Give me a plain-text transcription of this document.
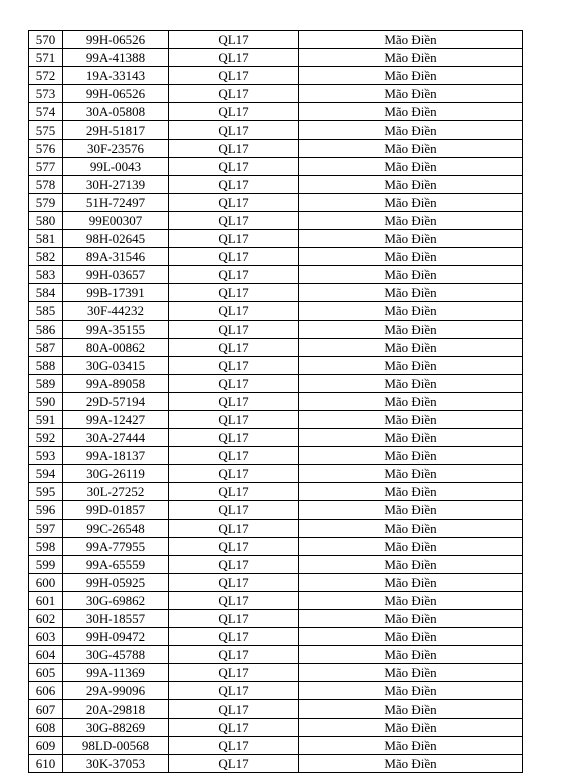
570	99H-06526	QL17	Mão Điền
571	99A-41388	QL17	Mão Điền
572	19A-33143	QL17	Mão Điền
573	99H-06526	QL17	Mão Điền
574	30A-05808	QL17	Mão Điền
575	29H-51817	QL17	Mão Điền
576	30F-23576	QL17	Mão Điền
577	99L-0043	QL17	Mão Điền
578	30H-27139	QL17	Mão Điền
579	51H-72497	QL17	Mão Điền
580	99E00307	QL17	Mão Điền
581	98H-02645	QL17	Mão Điền
582	89A-31546	QL17	Mão Điền
583	99H-03657	QL17	Mão Điền
584	99B-17391	QL17	Mão Điền
585	30F-44232	QL17	Mão Điền
586	99A-35155	QL17	Mão Điền
587	80A-00862	QL17	Mão Điền
588	30G-03415	QL17	Mão Điền
589	99A-89058	QL17	Mão Điền
590	29D-57194	QL17	Mão Điền
591	99A-12427	QL17	Mão Điền
592	30A-27444	QL17	Mão Điền
593	99A-18137	QL17	Mão Điền
594	30G-26119	QL17	Mão Điền
595	30L-27252	QL17	Mão Điền
596	99D-01857	QL17	Mão Điền
597	99C-26548	QL17	Mão Điền
598	99A-77955	QL17	Mão Điền
599	99A-65559	QL17	Mão Điền
600	99H-05925	QL17	Mão Điền
601	30G-69862	QL17	Mão Điền
602	30H-18557	QL17	Mão Điền
603	99H-09472	QL17	Mão Điền
604	30G-45788	QL17	Mão Điền
605	99A-11369	QL17	Mão Điền
606	29A-99096	QL17	Mão Điền
607	20A-29818	QL17	Mão Điền
608	30G-88269	QL17	Mão Điền
609	98LD-00568	QL17	Mão Điền
610	30K-37053	QL17	Mão Điền
